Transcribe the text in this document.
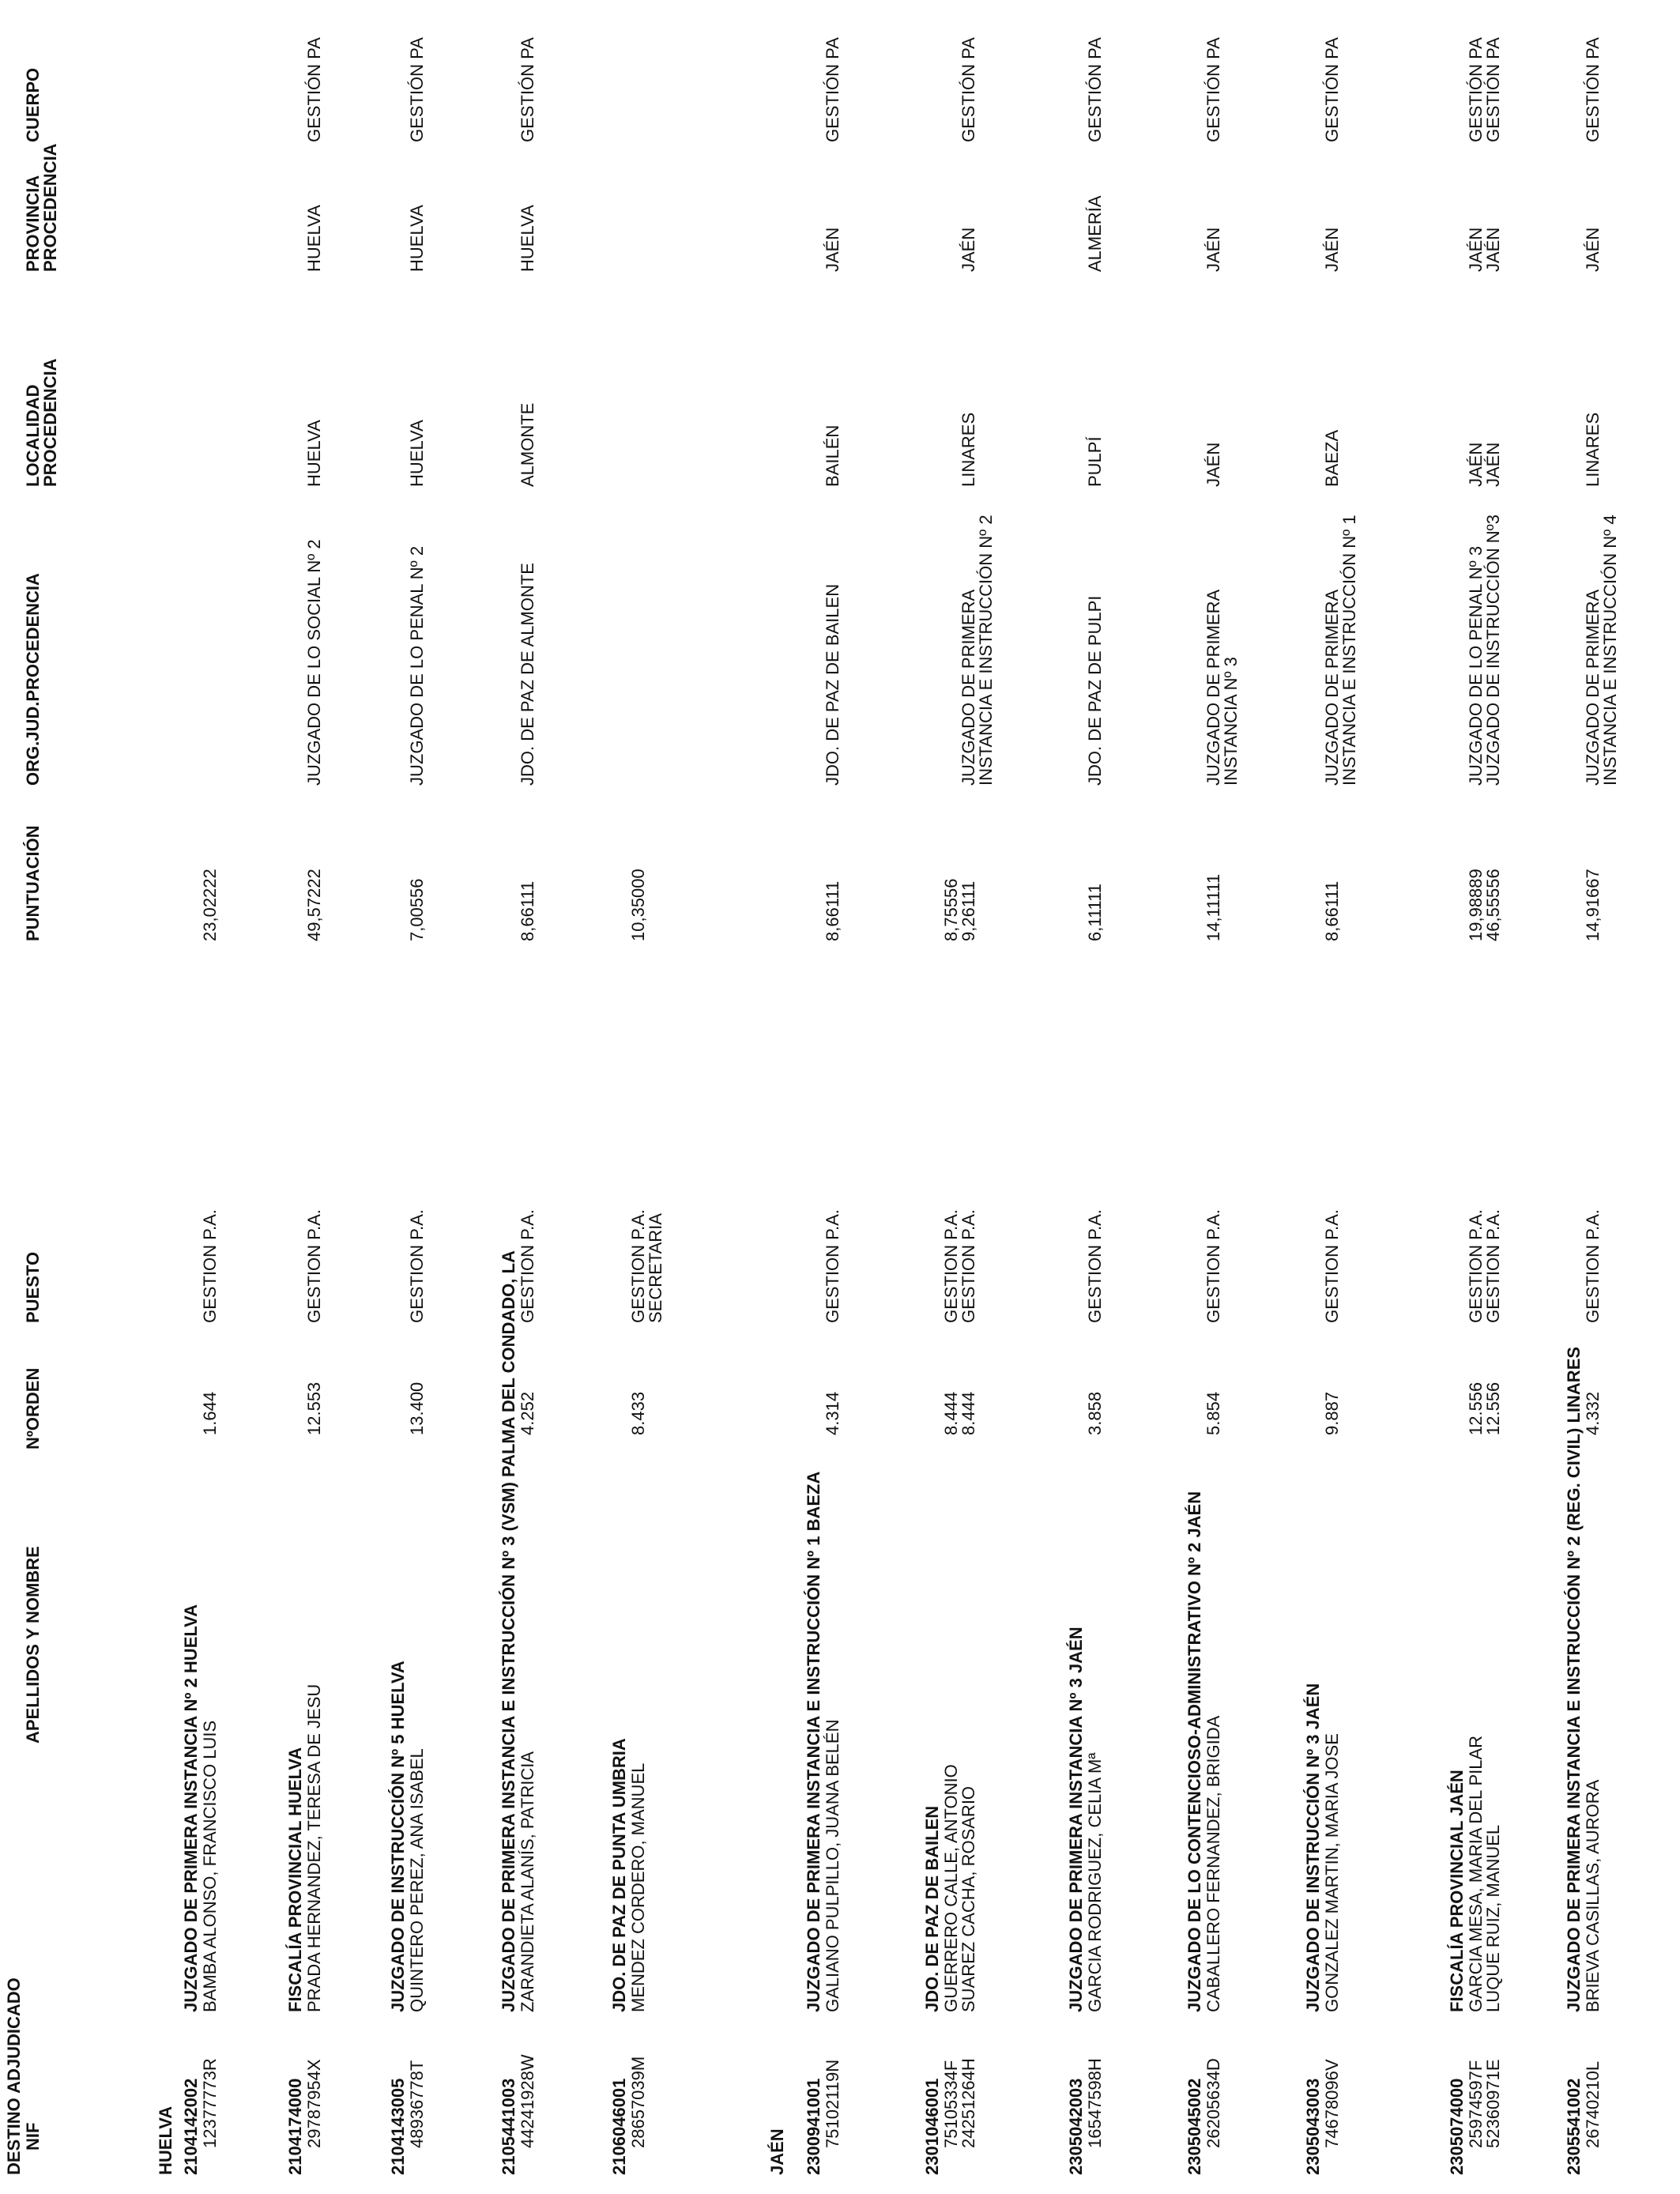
DESTINO ADJUDICADO NIF
APELLIDOS Y NOMBRE
NºORDEN
PUESTO
PUNTUACIÓN
ORG.JUD.PROCEDENCIA
LOCALIDAD
PROCEDENCIA
PROVINCIA
PROCEDENCIA
CUERPO
HUELVA 2104142002
JUZGADO DE PRIMERA INSTANCIA Nº 2 HUELVA
12377773R
BAMBA ALONSO, FRANCISCO LUIS
1.644
GESTION P.A.
23,02222
2104174000
FISCALÍA PROVINCIAL HUELVA
29787954X
PRADA HERNANDEZ, TERESA DE JESU
12.553
GESTION P.A.
49,57222
JUZGADO DE LO SOCIAL Nº 2
HUELVA
HUELVA
GESTIÓN PA
2104143005
JUZGADO DE INSTRUCCIÓN Nº 5 HUELVA
48936778T
QUINTERO PEREZ, ANA ISABEL
13.400
GESTION P.A.
7,00556
JUZGADO DE LO PENAL Nº 2
HUELVA
HUELVA
GESTIÓN PA
2105441003
JUZGADO DE PRIMERA INSTANCIA E INSTRUCCIÓN Nº 3 (VSM) PALMA DEL CONDADO, LA
44241928W
ZARANDIETA ALANÍS, PATRICIA
4.252
GESTION P.A.
8,66111
JDO. DE PAZ DE ALMONTE
ALMONTE
HUELVA
GESTIÓN PA
2106046001
JDO. DE PAZ DE PUNTA UMBRIA
28657039M
MENDEZ CORDERO, MANUEL
8.433
GESTION P.A.
SECRETARIA
10,35000
JAÉN 2300941001
JUZGADO DE PRIMERA INSTANCIA E INSTRUCCIÓN Nº 1 BAEZA
75102119N
GALIANO PULPILLO, JUANA BELÉN
4.314
GESTION P.A.
8,66111
JDO. DE PAZ DE BAILEN
BAILÉN
JAÉN
GESTIÓN PA
2301046001
JDO. DE PAZ DE BAILEN
75105334F
GUERRERO CALLE, ANTONIO
8.444
GESTION P.A.
8,75556
24251264H
SUAREZ CACHA, ROSARIO
8.444
GESTION P.A.
9,26111
JUZGADO DE PRIMERA
INSTANCIA E INSTRUCCIÓN Nº 2
LINARES
JAÉN
GESTIÓN PA
2305042003
JUZGADO DE PRIMERA INSTANCIA Nº 3 JAÉN
16547598H
GARCIA RODRIGUEZ, CELIA Mª
3.858
GESTION P.A.
6,11111
JDO. DE PAZ DE PULPI
PULPÍ
ALMERÍA
GESTIÓN PA
2305045002
JUZGADO DE LO CONTENCIOSO-ADMINISTRATIVO Nº 2 JAÉN
26205634D
CABALLERO FERNANDEZ, BRIGIDA
5.854
GESTION P.A.
14,11111
JUZGADO DE PRIMERA
INSTANCIA Nº 3
JAÉN
JAÉN
GESTIÓN PA
2305043003
JUZGADO DE INSTRUCCIÓN Nº 3 JAÉN
74678096V
GONZALEZ MARTIN, MARIA JOSE
9.887
GESTION P.A.
8,66111
JUZGADO DE PRIMERA
INSTANCIA E INSTRUCCIÓN Nº 1
BAEZA
JAÉN
GESTIÓN PA
2305074000
FISCALÍA PROVINCIAL JAÉN
25974597F
GARCIA MESA, MARIA DEL PILAR
12.556
GESTION P.A.
19,98889
JUZGADO DE LO PENAL Nº 3
JAÉN
JAÉN
GESTIÓN PA
52360971E
LUQUE RUIZ, MANUEL
12.556
GESTION P.A.
46,55556
JUZGADO DE INSTRUCCIÓN Nº3
JAÉN
JAÉN
GESTIÓN PA
2305541002
JUZGADO DE PRIMERA INSTANCIA E INSTRUCCIÓN Nº 2 (REG. CIVIL) LINARES
26740210L
BRIEVA CASILLAS, AURORA
4.332
GESTION P.A.
14,91667
JUZGADO DE PRIMERA
INSTANCIA E INSTRUCCIÓN Nº 4
LINARES
JAÉN
GESTIÓN PA
